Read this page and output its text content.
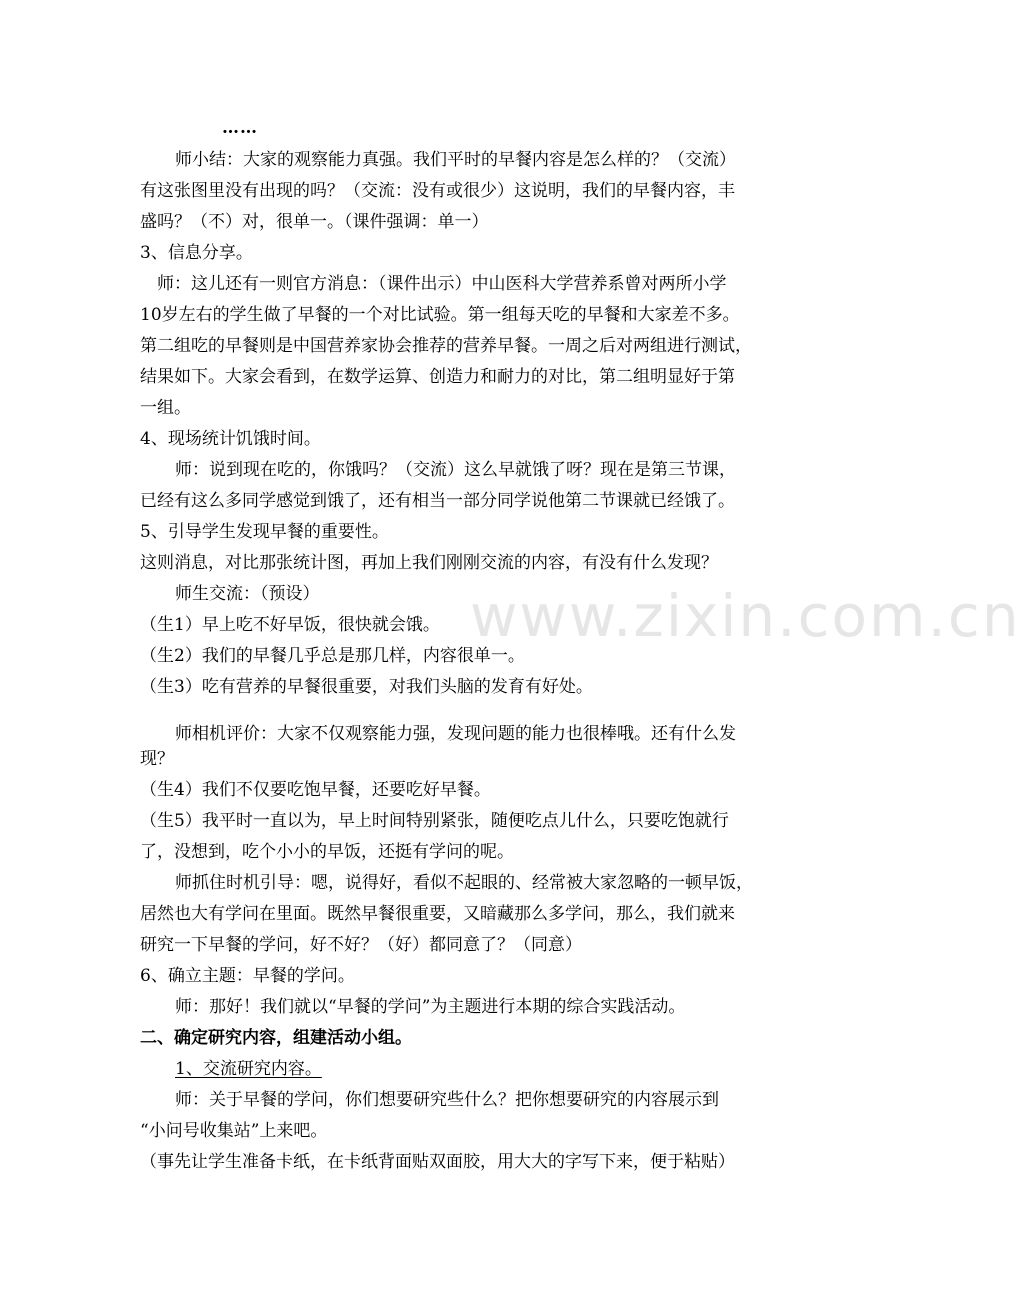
www.zixin.com.cn
……
师小结：大家的观察能力真强。我们平时的早餐内容是怎么样的？（交流）
有这张图里没有出现的吗？（交流：没有或很少）这说明，我们的早餐内容，丰
盛吗？（不）对，很单一。（课件强调：单一）
3、信息分享。
师：这儿还有一则官方消息：（课件出示）中山医科大学营养系曾对两所小学
10岁左右的学生做了早餐的一个对比试验。第一组每天吃的早餐和大家差不多。
第二组吃的早餐则是中国营养家协会推荐的营养早餐。一周之后对两组进行测试，
结果如下。大家会看到，在数学运算、创造力和耐力的对比，第二组明显好于第
一组。
4、现场统计饥饿时间。
师：说到现在吃的，你饿吗？（交流）这么早就饿了呀？现在是第三节课，
已经有这么多同学感觉到饿了，还有相当一部分同学说他第二节课就已经饿了。
5、引导学生发现早餐的重要性。
这则消息，对比那张统计图，再加上我们刚刚交流的内容，有没有什么发现？
师生交流：（预设）
（生1）早上吃不好早饭，很快就会饿。
（生2）我们的早餐几乎总是那几样，内容很单一。
（生3）吃有营养的早餐很重要，对我们头脑的发育有好处。
师相机评价：大家不仅观察能力强，发现问题的能力也很棒哦。还有什么发
现？
（生4）我们不仅要吃饱早餐，还要吃好早餐。
（生5）我平时一直以为，早上时间特别紧张，随便吃点儿什么，只要吃饱就行
了，没想到，吃个小小的早饭，还挺有学问的呢。
师抓住时机引导：嗯，说得好，看似不起眼的、经常被大家忽略的一顿早饭，
居然也大有学问在里面。既然早餐很重要，又暗藏那么多学问，那么，我们就来
研究一下早餐的学问，好不好？（好）都同意了？（同意）
6、确立主题：早餐的学问。
师：那好！我们就以“早餐的学问”为主题进行本期的综合实践活动。
二、确定研究内容，组建活动小组。
1、交流研究内容。
师：关于早餐的学问，你们想要研究些什么？把你想要研究的内容展示到
“小问号收集站”上来吧。
（事先让学生准备卡纸，在卡纸背面贴双面胶，用大大的字写下来，便于粘贴）
